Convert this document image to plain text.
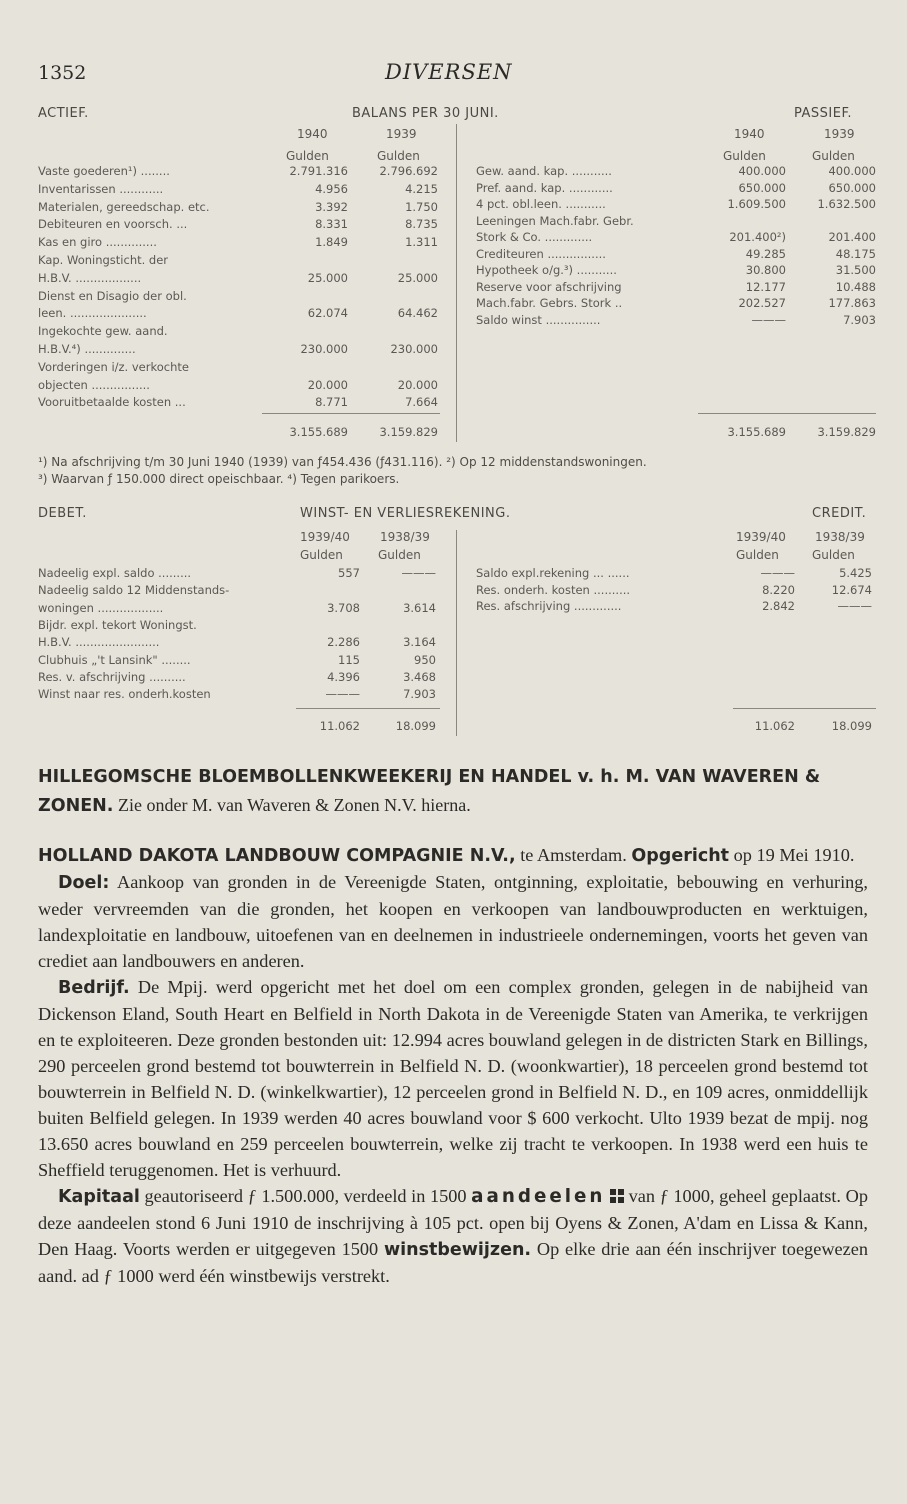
1352	DIVERSEN
ACTIEF.	BALANS PER 30 JUNI.	PASSIEF.
1940	1939
Gulden	Gulden
1940	1939
Gulden	Gulden
Vaste goederen¹) ........	2.791.316	2.796.692
Inventarissen ............	4.956	4.215
Materialen, gereedschap. etc.	3.392	1.750
Debiteuren en voorsch. ...	8.331	8.735
Kas en giro ..............	1.849	1.311
Kap. Woningsticht. der
H.B.V. ..................	25.000	25.000
Dienst en Disagio der obl.
leen. .....................	62.074	64.462
Ingekochte gew. aand.
H.B.V.⁴) ..............	230.000	230.000
Vorderingen i/z. verkochte
objecten ................	20.000	20.000
Vooruitbetaalde kosten ...	8.771	7.664
Gew. aand. kap. ...........	400.000	400.000
Pref. aand. kap. ............	650.000	650.000
4 pct. obl.leen. ...........	1.609.500	1.632.500
Leeningen Mach.fabr. Gebr.
Stork & Co. .............	201.400²)	201.400
Crediteuren ................	49.285	48.175
Hypotheek o/g.³) ...........	30.800	31.500
Reserve voor afschrijving	12.177	10.488
Mach.fabr. Gebrs. Stork ..	202.527	177.863
Saldo winst ...............	———	7.903
3.155.689	3.159.829	3.155.689	3.159.829
¹) Na afschrijving t/m 30 Juni 1940 (1939) van ƒ454.436 (ƒ431.116). ²) Op 12 middenstandswoningen.
³) Waarvan ƒ 150.000 direct opeischbaar. ⁴) Tegen parikoers.
DEBET.	WINST- EN VERLIESREKENING.	CREDIT.
1939/40	1938/39
Gulden	Gulden
1939/40 1938/39
Gulden	Gulden
Nadeelig expl. saldo .........	557	———
Nadeelig saldo 12 Middenstands-
woningen ..................	3.708	3.614
Bijdr. expl. tekort Woningst.
H.B.V. .......................	2.286	3.164
Clubhuis „'t Lansink" ........	115	950
Res. v. afschrijving ..........	4.396	3.468
Winst naar res. onderh.kosten	———	7.903
Saldo expl.rekening ... ......	———	5.425
Res. onderh. kosten ..........	8.220	12.674
Res. afschrijving .............	2.842	———
11.062	18.099	11.062	18.099

HILLEGOMSCHE BLOEMBOLLENKWEEKERIJ EN HANDEL v. h. M. VAN WAVEREN & ZONEN. Zie onder M. van Waveren & Zonen N.V. hierna.

HOLLAND DAKOTA LANDBOUW COMPAGNIE N.V., te Amsterdam. Opgericht op 19 Mei 1910.

Doel: Aankoop van gronden in de Vereenigde Staten, ontginning, exploitatie, bebouwing en verhuring, weder vervreemden van die gronden, het koopen en verkoopen van landbouwproducten en werktuigen, landexploitatie en landbouw, uitoefenen van en deelnemen in industrieele ondernemingen, voorts het geven van crediet aan landbouwers en anderen.

Bedrijf. De Mpij. werd opgericht met het doel om een complex gronden, gelegen in de nabijheid van Dickenson Eland, South Heart en Belfield in North Dakota in de Vereenigde Staten van Amerika, te verkrijgen en te exploiteeren. Deze gronden bestonden uit: 12.994 acres bouwland gelegen in de districten Stark en Billings, 290 perceelen grond bestemd tot bouwterrein in Belfield N. D. (woonkwartier), 18 perceelen grond bestemd tot bouwterrein in Belfield N. D. (winkelkwartier), 12 perceelen grond in Belfield N. D., en 109 acres, onmiddellijk buiten Belfield gelegen. In 1939 werden 40 acres bouwland voor $ 600 verkocht. Ulto 1939 bezat de mpij. nog 13.650 acres bouwland en 259 perceelen bouwterrein, welke zij tracht te verkoopen. In 1938 werd een huis te Sheffield teruggenomen. Het is verhuurd.

Kapitaal geautoriseerd ƒ 1.500.000, verdeeld in 1500 aandeelen van ƒ 1000, geheel geplaatst. Op deze aandeelen stond 6 Juni 1910 de inschrijving à 105 pct. open bij Oyens & Zonen, A'dam en Lissa & Kann, Den Haag. Voorts werden er uitgegeven 1500 winstbewijzen. Op elke drie aan één inschrijver toegewezen aand. ad ƒ 1000 werd één winstbewijs verstrekt.
